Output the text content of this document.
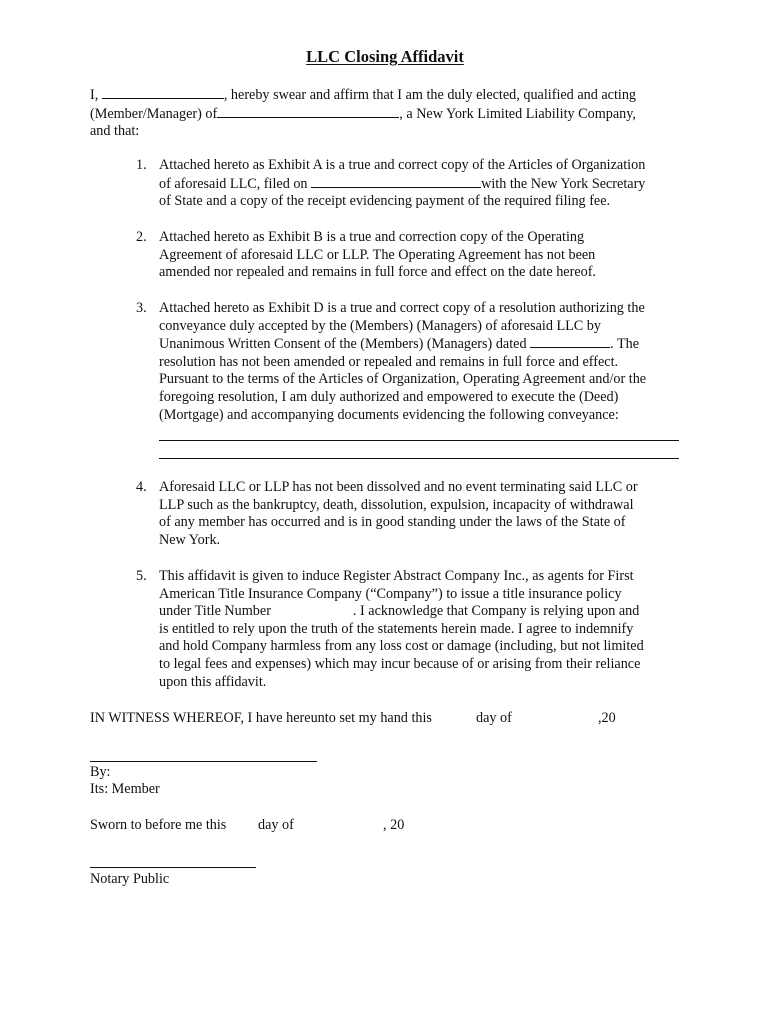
LLC Closing Affidavit
I,	, hereby swear and affirm that I am the duly elected, qualified and acting
(Member/Manager) of	, a New York Limited Liability Company,
and that:
1. Attached hereto as Exhibit A is a true and correct copy of the Articles of Organization
of aforesaid LLC, filed on	with the New York Secretary
of State and a copy of the receipt evidencing payment of the required filing fee.
2. Attached hereto as Exhibit B is a true and correction copy of the Operating
Agreement of aforesaid LLC or LLP. The Operating Agreement has not been
amended nor repealed and remains in full force and effect on the date hereof.
3. Attached hereto as Exhibit D is a true and correct copy of a resolution authorizing the
conveyance duly accepted by the (Members) (Managers) of aforesaid LLC by
Unanimous Written Consent of the (Members) (Managers) dated	. The
resolution has not been amended or repealed and remains in full force and effect.
Pursuant to the terms of the Articles of Organization, Operating Agreement and/or the
foregoing resolution, I am duly authorized and empowered to execute the (Deed)
(Mortgage) and accompanying documents evidencing the following conveyance:
4. Aforesaid LLC or LLP has not been dissolved and no event terminating said LLC or
LLP such as the bankruptcy, death, dissolution, expulsion, incapacity of withdrawal
of any member has occurred and is in good standing under the laws of the State of
New York.
5. This affidavit is given to induce Register Abstract Company Inc., as agents for First
American Title Insurance Company (“Company”) to issue a title insurance policy
under Title Number	. I acknowledge that Company is relying upon and
is entitled to rely upon the truth of the statements herein made. I agree to indemnify
and hold Company harmless from any loss cost or damage (including, but not limited
to legal fees and expenses) which may incur because of or arising from their reliance
upon this affidavit.
IN WITNESS WHEREOF, I have hereunto set my hand this	day of	,20
By:
Its: Member
Sworn to before me this day of	, 20
Notary Public
